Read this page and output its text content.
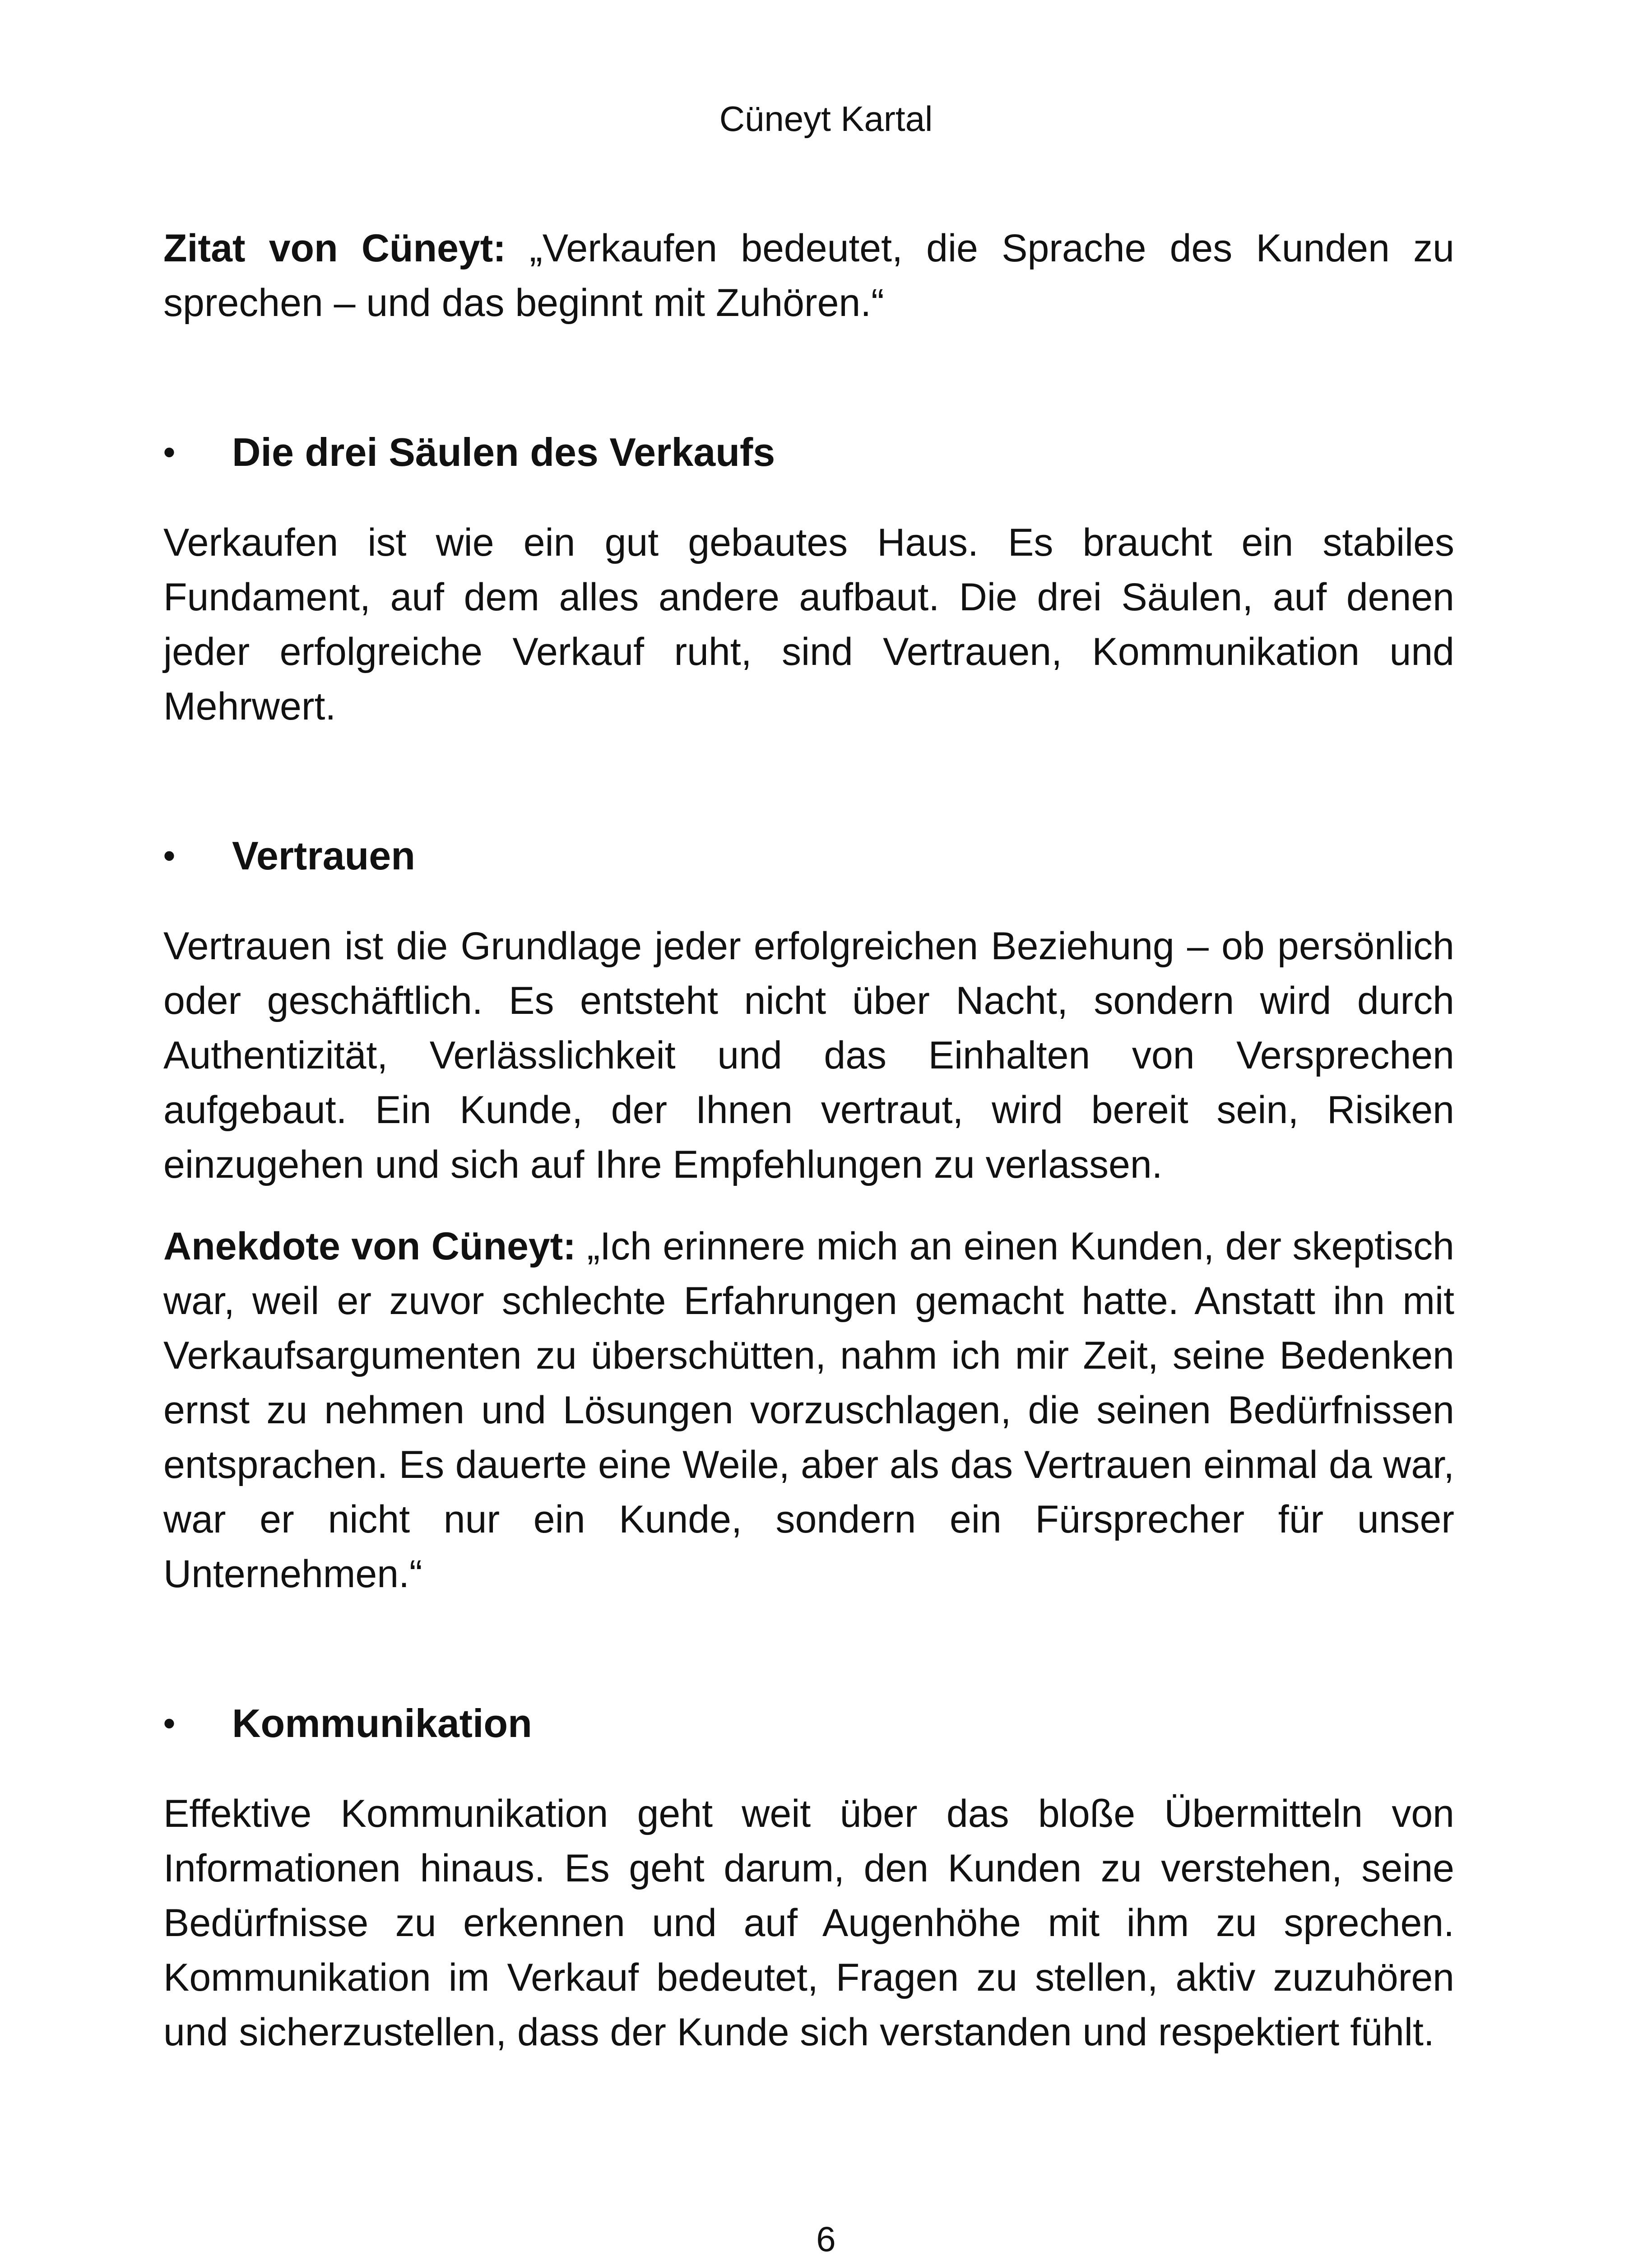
Cüneyt Kartal

Zitat von Cüneyt: „Verkaufen bedeutet, die Sprache des Kunden zu sprechen – und das beginnt mit Zuhören.“

•	Die drei Säulen des Verkaufs

Verkaufen ist wie ein gut gebautes Haus. Es braucht ein stabiles Fundament, auf dem alles andere aufbaut. Die drei Säulen, auf denen jeder erfolgreiche Verkauf ruht, sind Vertrauen, Kommunikation und Mehrwert.

•	Vertrauen

Vertrauen ist die Grundlage jeder erfolgreichen Beziehung – ob persönlich oder geschäftlich. Es entsteht nicht über Nacht, sondern wird durch Authentizität, Verlässlichkeit und das Einhalten von Versprechen aufgebaut. Ein Kunde, der Ihnen vertraut, wird bereit sein, Risiken einzugehen und sich auf Ihre Empfehlungen zu verlassen.

Anekdote von Cüneyt: „Ich erinnere mich an einen Kunden, der skeptisch war, weil er zuvor schlechte Erfahrungen gemacht hatte. Anstatt ihn mit Verkaufsargumenten zu überschütten, nahm ich mir Zeit, seine Bedenken ernst zu nehmen und Lösungen vorzuschlagen, die seinen Bedürfnissen entsprachen. Es dauerte eine Weile, aber als das Vertrauen einmal da war, war er nicht nur ein Kunde, sondern ein Fürsprecher für unser Unternehmen.“

•	Kommunikation

Effektive Kommunikation geht weit über das bloße Übermitteln von Informationen hinaus. Es geht darum, den Kunden zu verstehen, seine Bedürfnisse zu erkennen und auf Augenhöhe mit ihm zu sprechen. Kommunikation im Verkauf bedeutet, Fragen zu stellen, aktiv zuzuhören und sicherzustellen, dass der Kunde sich verstanden und respektiert fühlt.

6
